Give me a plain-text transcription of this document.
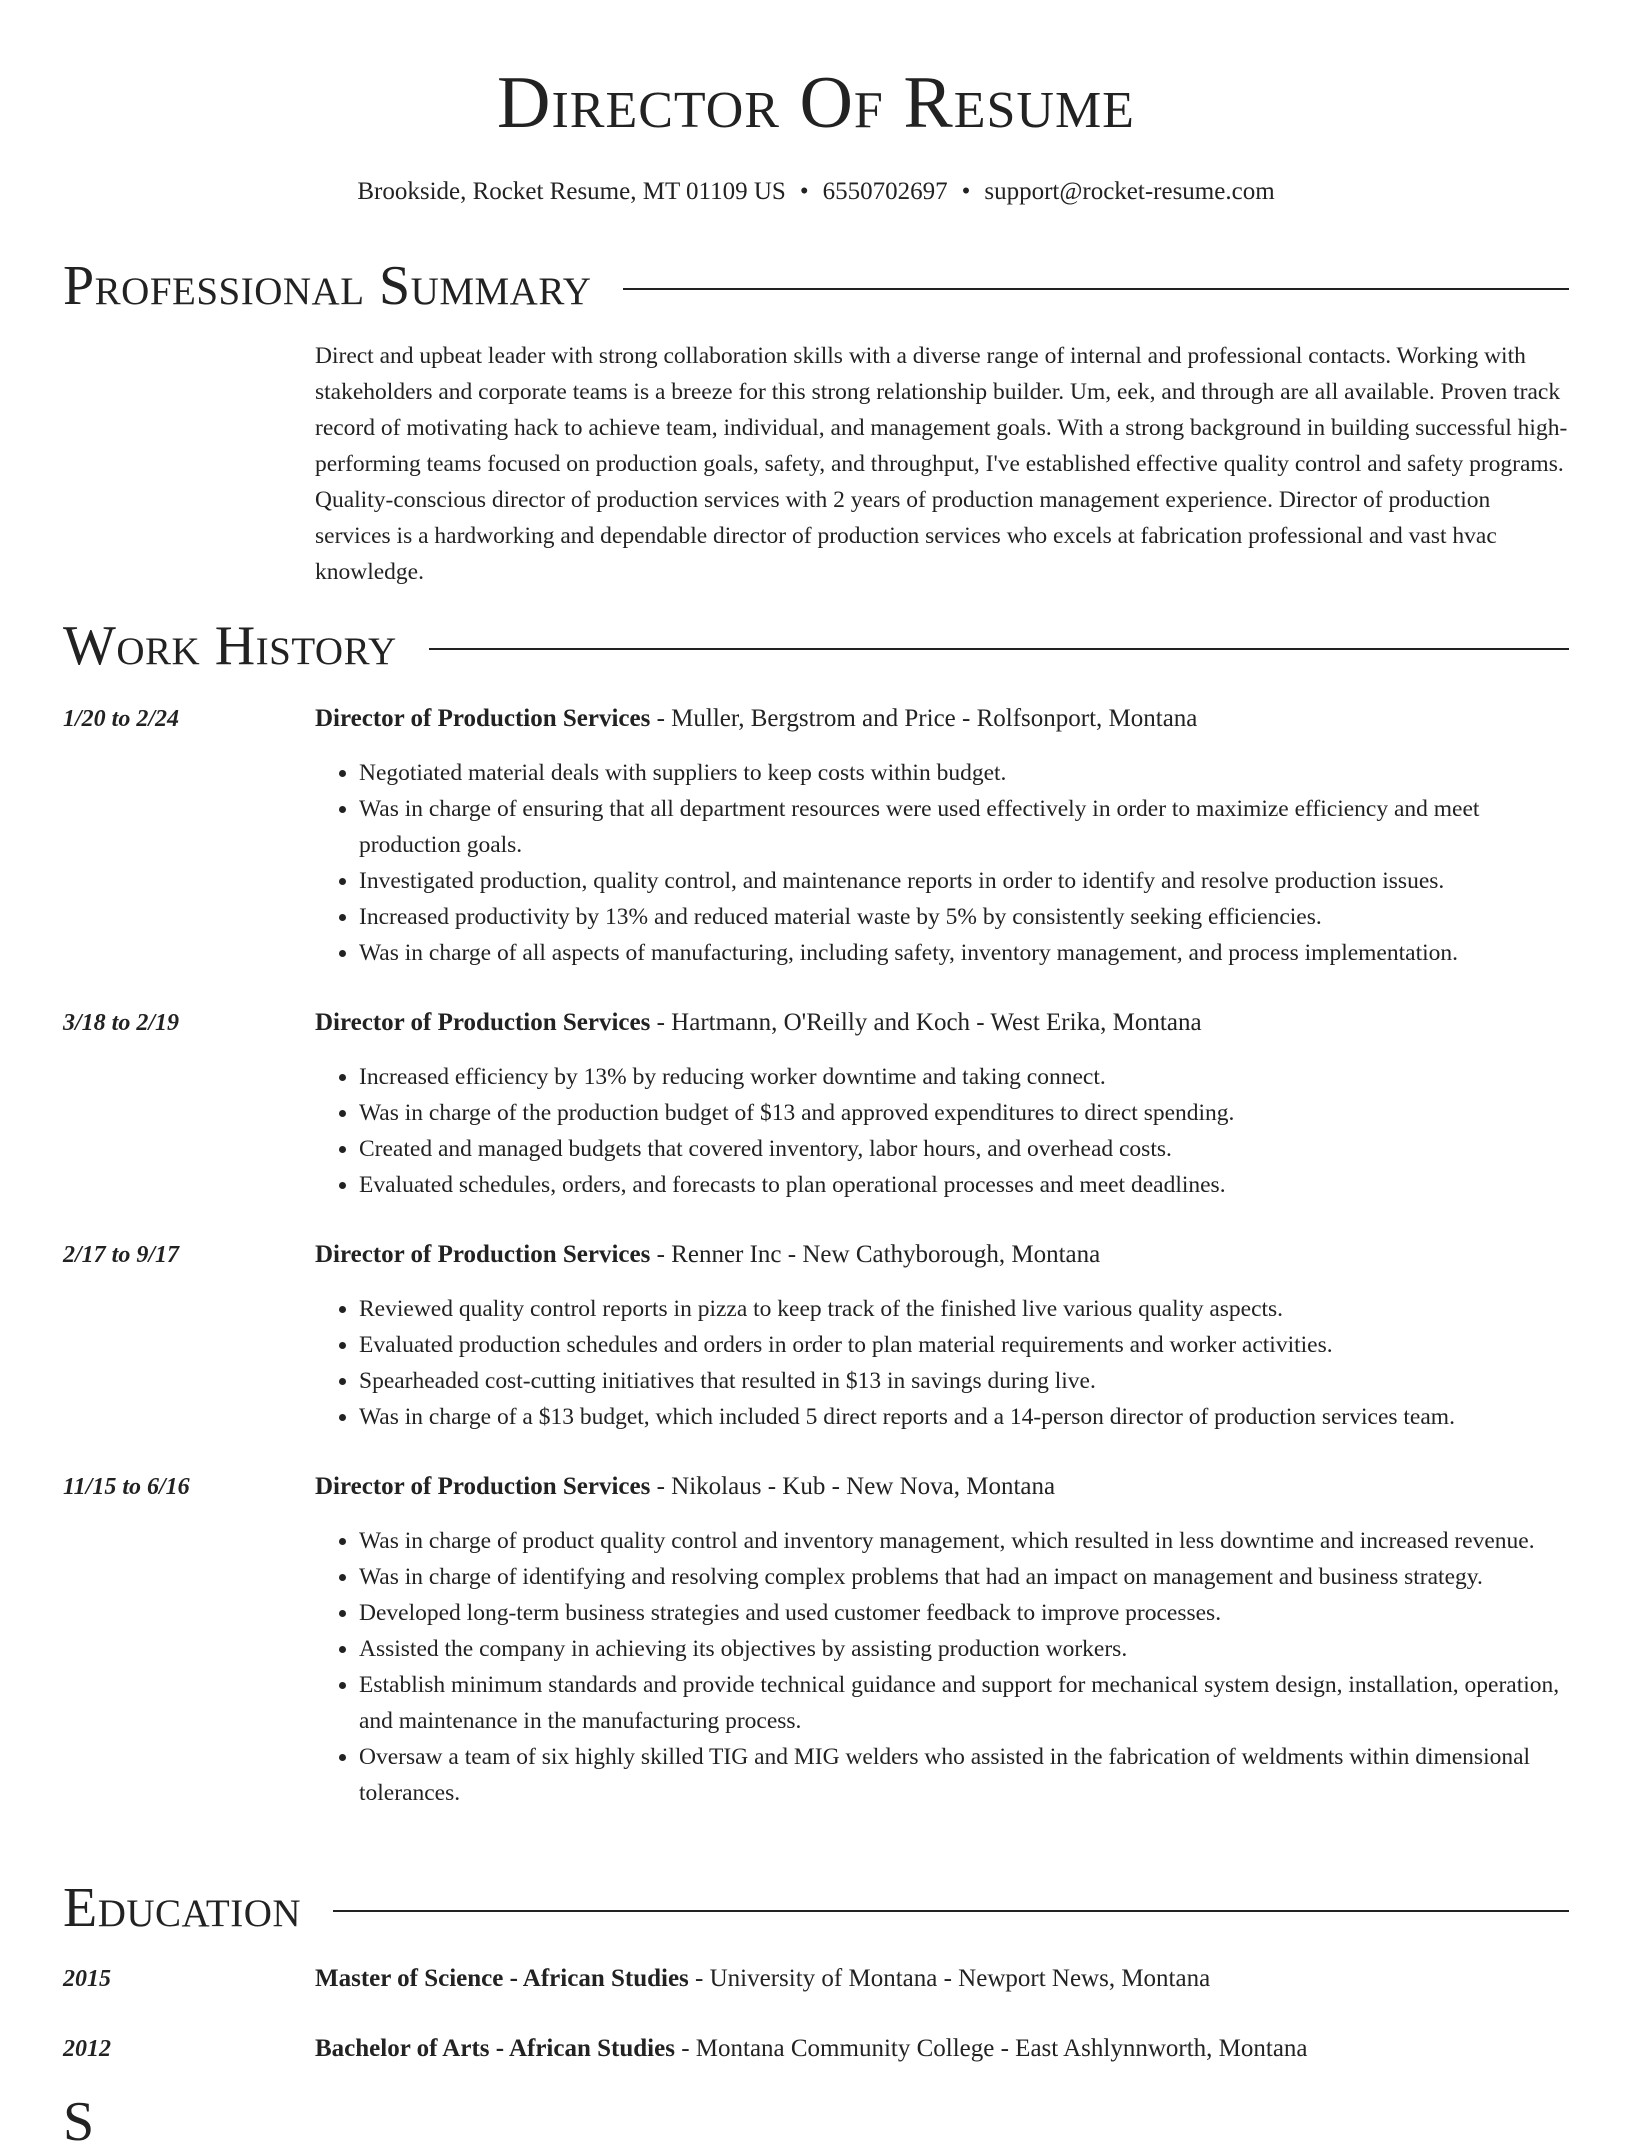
Director Of Resume
Brookside, Rocket Resume, MT 01109 US • 6550702697 • support@rocket-resume.com
Professional Summary

Direct and upbeat leader with strong collaboration skills with a diverse range of internal and professional contacts. Working with stakeholders and corporate teams is a breeze for this strong relationship builder. Um, eek, and through are all available. Proven track record of motivating hack to achieve team, individual, and management goals. With a strong background in building successful high-performing teams focused on production goals, safety, and throughput, I've established effective quality control and safety programs. Quality-conscious director of production services with 2 years of production management experience. Director of production services is a hardworking and dependable director of production services who excels at fabrication professional and vast hvac knowledge.

Work History
1/20 to 2/24	Director of Production Services - Muller, Bergstrom and Price - Rolfsonport, Montana
• Negotiated material deals with suppliers to keep costs within budget.
• Was in charge of ensuring that all department resources were used effectively in order to maximize efficiency and meet production goals.
• Investigated production, quality control, and maintenance reports in order to identify and resolve production issues.
• Increased productivity by 13% and reduced material waste by 5% by consistently seeking efficiencies.
• Was in charge of all aspects of manufacturing, including safety, inventory management, and process implementation.
3/18 to 2/19	Director of Production Services - Hartmann, O'Reilly and Koch - West Erika, Montana
• Increased efficiency by 13% by reducing worker downtime and taking connect.
• Was in charge of the production budget of $13 and approved expenditures to direct spending.
• Created and managed budgets that covered inventory, labor hours, and overhead costs.
• Evaluated schedules, orders, and forecasts to plan operational processes and meet deadlines.
2/17 to 9/17	Director of Production Services - Renner Inc - New Cathyborough, Montana
• Reviewed quality control reports in pizza to keep track of the finished live various quality aspects.
• Evaluated production schedules and orders in order to plan material requirements and worker activities.
• Spearheaded cost-cutting initiatives that resulted in $13 in savings during live.
• Was in charge of a $13 budget, which included 5 direct reports and a 14-person director of production services team.
11/15 to 6/16	Director of Production Services - Nikolaus - Kub - New Nova, Montana
• Was in charge of product quality control and inventory management, which resulted in less downtime and increased revenue.
• Was in charge of identifying and resolving complex problems that had an impact on management and business strategy.
• Developed long-term business strategies and used customer feedback to improve processes.
• Assisted the company in achieving its objectives by assisting production workers.
• Establish minimum standards and provide technical guidance and support for mechanical system design, installation, operation, and maintenance in the manufacturing process.
• Oversaw a team of six highly skilled TIG and MIG welders who assisted in the fabrication of weldments within dimensional tolerances.
Education
2015	Master of Science - African Studies - University of Montana - Newport News, Montana
2012	Bachelor of Arts - African Studies - Montana Community College - East Ashlynnworth, Montana
S
